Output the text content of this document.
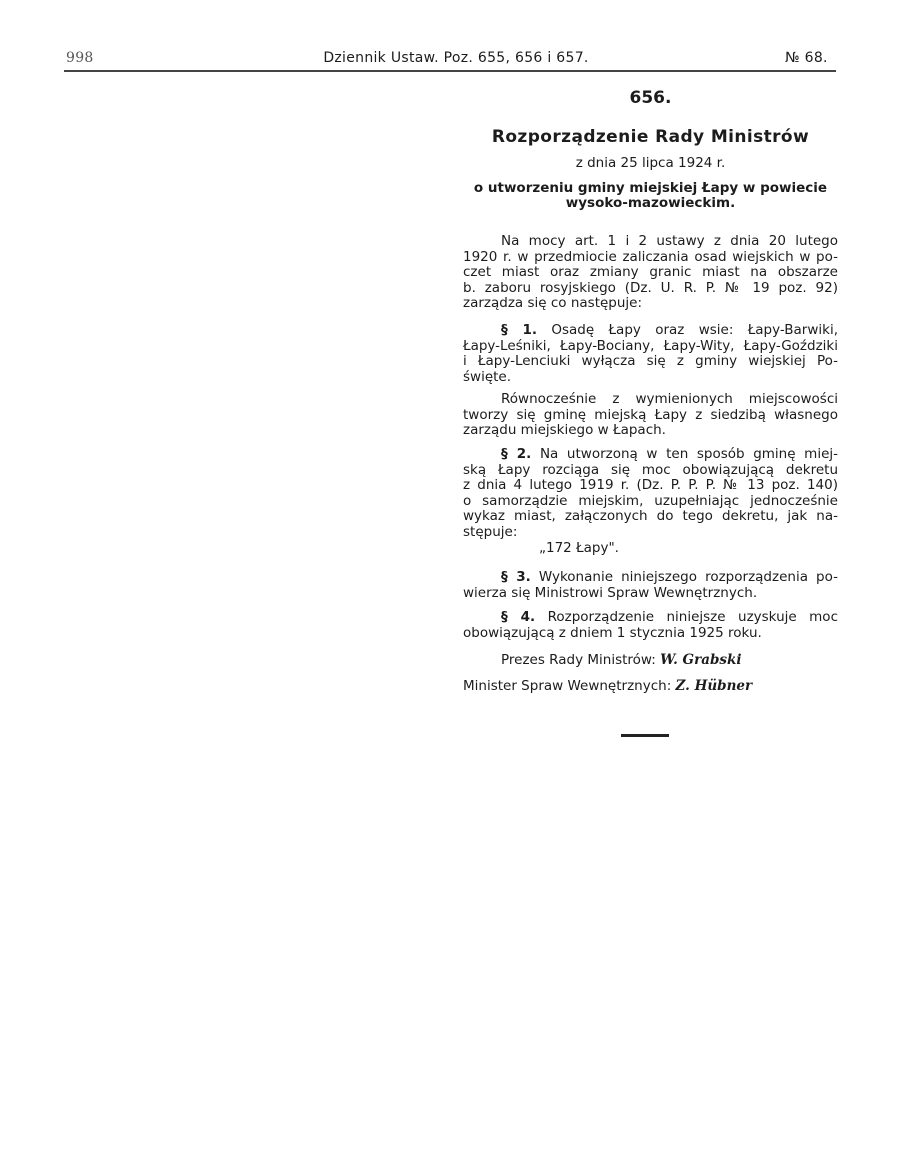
998	Dziennik Ustaw. Poz. 655, 656 i 657.	№ 68.
656.
Rozporządzenie Rady Ministrów
z dnia 25 lipca 1924 r.
o utworzeniu gminy miejskiej Łapy w powiecie
wysoko-mazowieckim.
Na mocy art. 1 i 2 ustawy z dnia 20 lutego
1920 r. w przedmiocie zaliczania osad wiejskich w po-
czet miast oraz zmiany granic miast na obszarze
b. zaboru rosyjskiego (Dz. U. R. P. № 19 poz. 92)
zarządza się co następuje:
§ 1. Osadę Łapy oraz wsie: Łapy-Barwiki,
Łapy-Leśniki, Łapy-Bociany, Łapy-Wity, Łapy-Goździki
i Łapy-Lenciuki wyłącza się z gminy wiejskiej Po-
święte.
Równocześnie z wymienionych miejscowości
tworzy się gminę miejską Łapy z siedzibą własnego
zarządu miejskiego w Łapach.
§ 2. Na utworzoną w ten sposób gminę miej-
ską Łapy rozciąga się moc obowiązującą dekretu
z dnia 4 lutego 1919 r. (Dz. P. P. P. № 13 poz. 140)
o samorządzie miejskim, uzupełniając jednocześnie
wykaz miast, załączonych do tego dekretu, jak na-
stępuje:
„172 Łapy".
§ 3. Wykonanie niniejszego rozporządzenia po-
wierza się Ministrowi Spraw Wewnętrznych.
§ 4. Rozporządzenie niniejsze uzyskuje moc
obowiązującą z dniem 1 stycznia 1925 roku.
Prezes Rady Ministrów: W. Grabski
Minister Spraw Wewnętrznych: Z. Hübner
